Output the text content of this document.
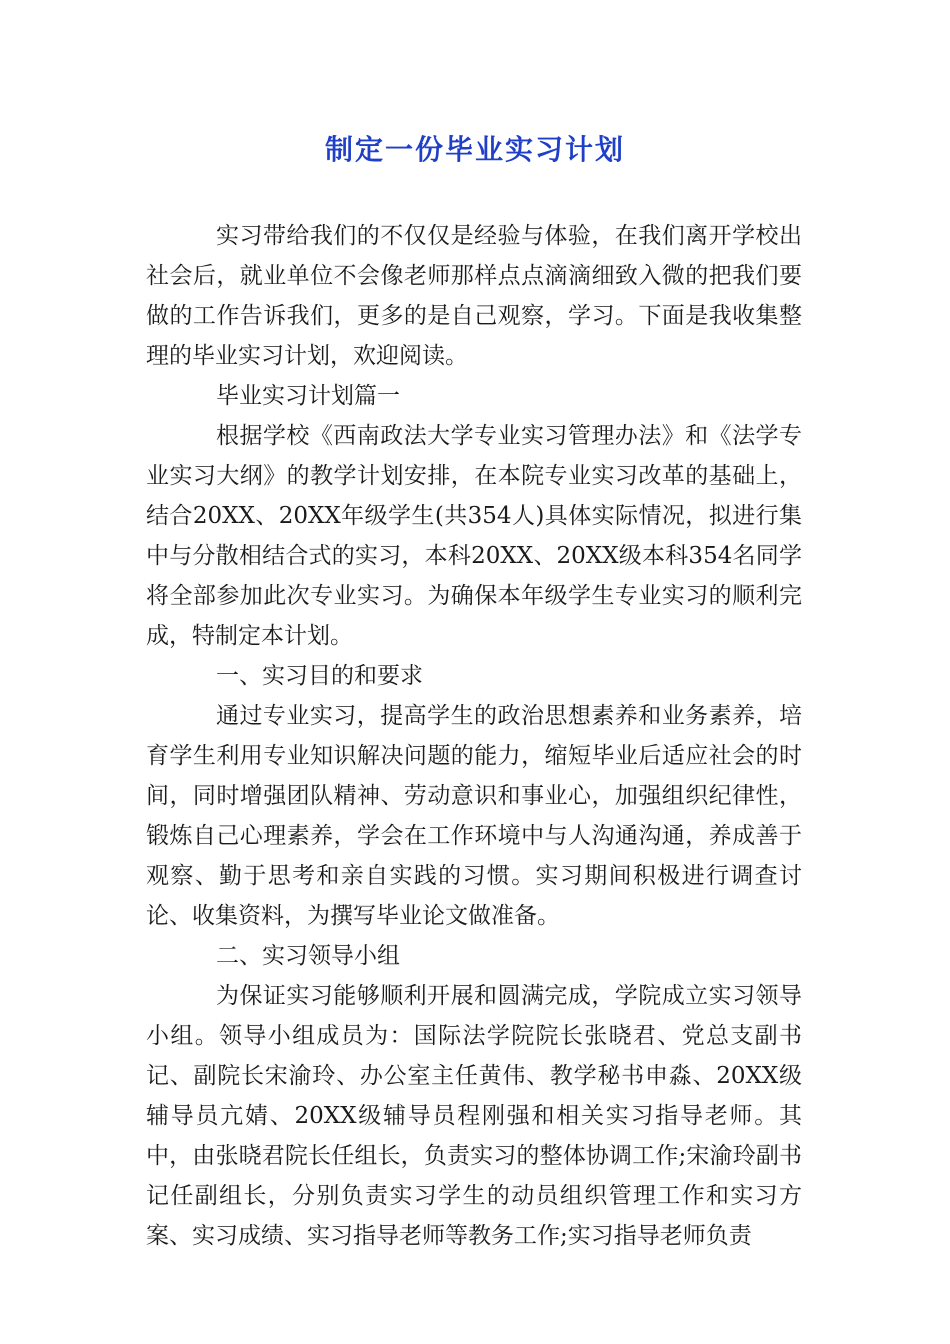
制定一份毕业实习计划

实习带给我们的不仅仅是经验与体验，在我们离开学校出社会后，就业单位不会像老师那样点点滴滴细致入微的把我们要做的工作告诉我们，更多的是自己观察，学习。下面是我收集整理的毕业实习计划，欢迎阅读。

毕业实习计划篇一

根据学校《西南政法大学专业实习管理办法》和《法学专业实习大纲》的教学计划安排，在本院专业实习改革的基础上，结合20XX、20XX年级学生(共354人)具体实际情况，拟进行集中与分散相结合式的实习，本科20XX、20XX级本科354名同学将全部参加此次专业实习。为确保本年级学生专业实习的顺利完成，特制定本计划。

一、实习目的和要求

通过专业实习，提高学生的政治思想素养和业务素养，培育学生利用专业知识解决问题的能力，缩短毕业后适应社会的时间，同时增强团队精神、劳动意识和事业心，加强组织纪律性，锻炼自己心理素养，学会在工作环境中与人沟通沟通，养成善于观察、勤于思考和亲自实践的习惯。实习期间积极进行调查讨论、收集资料，为撰写毕业论文做准备。

二、实习领导小组

为保证实习能够顺利开展和圆满完成，学院成立实习领导小组。领导小组成员为：国际法学院院长张晓君、党总支副书记、副院长宋渝玲、办公室主任黄伟、教学秘书申淼、20XX级辅导员亢婧、20XX级辅导员程刚强和相关实习指导老师。其中，由张晓君院长任组长，负责实习的整体协调工作;宋渝玲副书记任副组长，分别负责实习学生的动员组织管理工作和实习方案、实习成绩、实习指导老师等教务工作;实习指导老师负责
